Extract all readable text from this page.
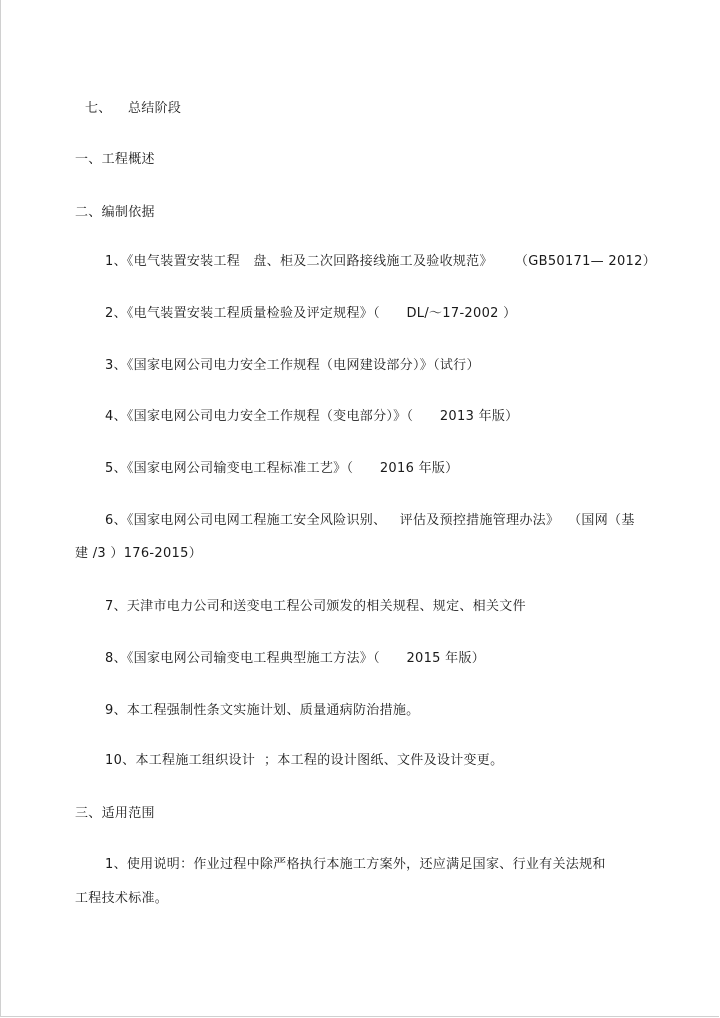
七、 总结阶段
一、工程概述
二、编制依据
1、《电气装置安装工程   盘、柜及二次回路接线施工及验收规范》     （GB50171— 2012）
2、《电气装置安装工程质量检验及评定规程》（      DL/～17-2002 ）
3、《国家电网公司电力安全工作规程（电网建设部分）》（试行）
4、《国家电网公司电力安全工作规程（变电部分）》（      2013 年版）
5、《国家电网公司输变电工程标准工艺》（      2016 年版）
6、《国家电网公司电网工程施工安全风险识别、   评估及预控措施管理办法》  （国网（基
建 /3 ）176-2015）
7、天津市电力公司和送变电工程公司颁发的相关规程、规定、相关文件
8、《国家电网公司输变电工程典型施工方法》（      2015 年版）
9、本工程强制性条文实施计划、质量通病防治措施。
10、本工程施工组织设计  ；本工程的设计图纸、文件及设计变更。
三、适用范围
1、使用说明：作业过程中除严格执行本施工方案外，还应满足国家、行业有关法规和
工程技术标准。
